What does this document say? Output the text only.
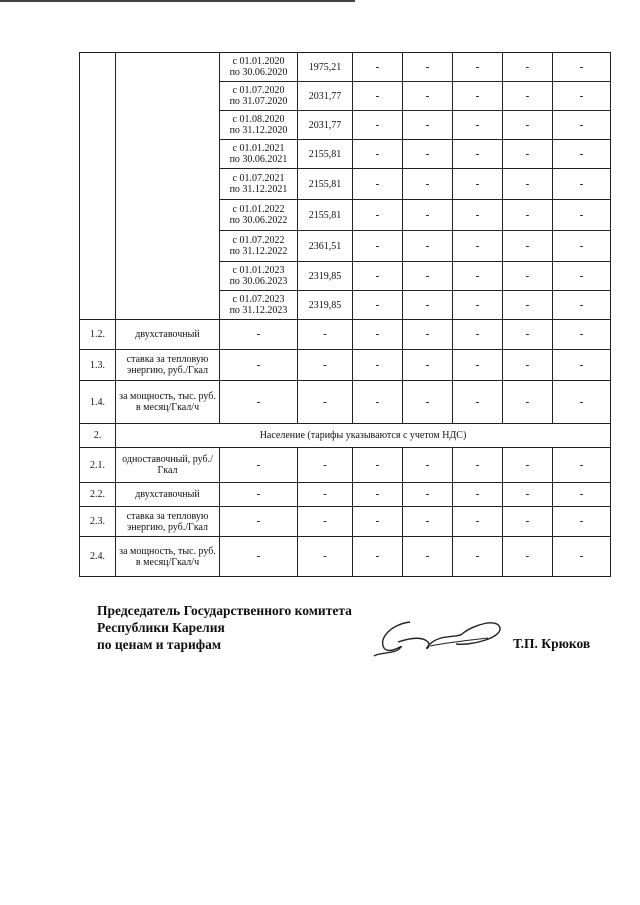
		с 01.01.2020
по 30.06.2020	1975,21	-	-	-	-	-	

		с 01.07.2020
по 31.07.2020	2031,77	-	-	-	-	-	

		с 01.08.2020
по 31.12.2020	2031,77	-	-	-	-	-	

		с 01.01.2021
по 30.06.2021	2155,81	-	-	-	-	-	

		с 01.07.2021
по 31.12.2021	2155,81	-	-	-	-	-	

		с 01.01.2022
по 30.06.2022	2155,81	-	-	-	-	-	

		с 01.07.2022
по 31.12.2022	2361,51	-	-	-	-	-	

		с 01.01.2023
по 30.06.2023	2319,85	-	-	-	-	-	

		с 01.07.2023
по 31.12.2023	2319,85	-	-	-	-	-	
1.2.	двухставочный	-	-	-	-	-	-	-	
1.3.	ставка за тепловую энергию, руб./Гкал	-	-	-	-	-	-	-	
1.4.	за мощность, тыс. руб. в месяц/Гкал/ч	-	-	-	-	-	-	-	
2.	Население (тарифы указываются с учетом НДС)								
2.1.	одноставочный, руб./Гкал	-	-	-	-	-	-	-	
2.2.	двухставочный	-	-	-	-	-	-	-	
2.3.	ставка за тепловую энергию, руб./Гкал	-	-	-	-	-	-	-	
2.4.	за мощность, тыс. руб. в месяц/Гкал/ч	-	-	-	-	-	-	-	
Председатель Государственного комитета
Республики Карелия
по ценам и тарифам	Т.П. Крюков
